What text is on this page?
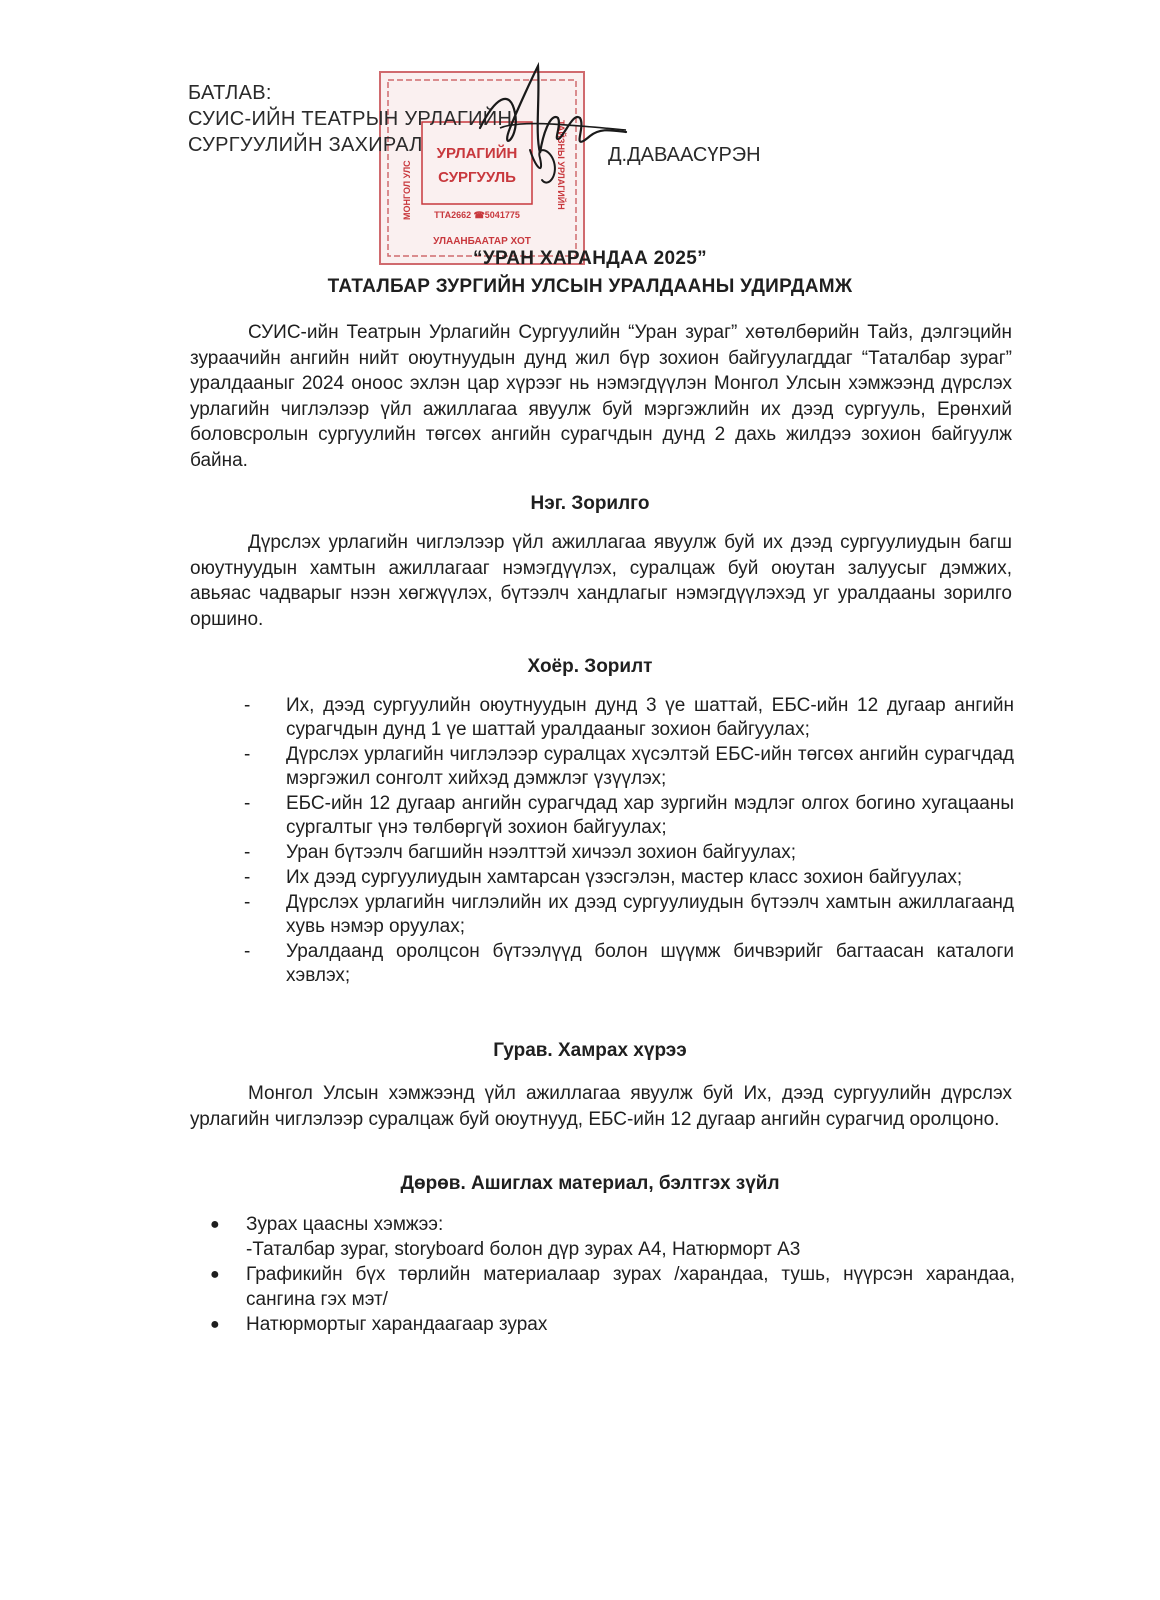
УРЛАГИЙН
СУРГУУЛЬ
ТТА2662 ☎5041775
УЛААНБААТАР ХОТ
МОНГОЛ УЛС	ТАЙЗНЫ УРЛАГИЙН
БАТЛАВ:
СУИС-ИЙН ТЕАТРЫН УРЛАГИЙН
СУРГУУЛИЙН ЗАХИРАЛ	Д.ДАВААСҮРЭН
“УРАН ХАРАНДАА 2025”
ТАТАЛБАР ЗУРГИЙН УЛСЫН УРАЛДААНЫ УДИРДАМЖ

СУИС-ийн Театрын Урлагийн Сургуулийн “Уран зураг” хөтөлбөрийн Тайз, дэлгэцийн зураачийн ангийн нийт оюутнуудын дунд жил бүр зохион байгуулагддаг “Таталбар зураг” уралдааныг 2024 оноос эхлэн цар хүрээг нь нэмэгдүүлэн Монгол Улсын хэмжээнд дүрслэх урлагийн чиглэлээр үйл ажиллагаа явуулж буй мэргэжлийн их дээд сургууль, Ерөнхий боловсролын сургуулийн төгсөх ангийн сурагчдын дунд 2 дахь жилдээ зохион байгуулж байна.

Нэг. Зорилго

Дүрслэх урлагийн чиглэлээр үйл ажиллагаа явуулж буй их дээд сургуулиудын багш оюутнуудын хамтын ажиллагааг нэмэгдүүлэх, суралцаж буй оюутан залуусыг дэмжих, авьяас чадварыг нээн хөгжүүлэх, бүтээлч хандлагыг нэмэгдүүлэхэд уг уралдааны зорилго оршино.

Хоёр. Зорилт
- Их, дээд сургуулийн оюутнуудын дунд 3 үе шаттай, ЕБС-ийн 12 дугаар ангийн сурагчдын дунд 1 үе шаттай уралдааныг зохион байгуулах;
- Дүрслэх урлагийн чиглэлээр суралцах хүсэлтэй ЕБС-ийн төгсөх ангийн сурагчдад мэргэжил сонголт хийхэд дэмжлэг үзүүлэх;
- ЕБС-ийн 12 дугаар ангийн сурагчдад хар зургийн мэдлэг олгох богино хугацааны сургалтыг үнэ төлбөргүй зохион байгуулах;
- Уран бүтээлч багшийн нээлттэй хичээл зохион байгуулах;
- Их дээд сургуулиудын хамтарсан үзэсгэлэн, мастер класс зохион байгуулах;
- Дүрслэх урлагийн чиглэлийн их дээд сургуулиудын бүтээлч хамтын ажиллагаанд хувь нэмэр оруулах;
- Уралдаанд оролцсон бүтээлүүд болон шүүмж бичвэрийг багтаасан каталоги хэвлэх;
Гурав. Хамрах хүрээ

Монгол Улсын хэмжээнд үйл ажиллагаа явуулж буй Их, дээд сургуулийн дүрслэх урлагийн чиглэлээр суралцаж буй оюутнууд, ЕБС-ийн 12 дугаар ангийн сурагчид оролцоно.

Дөрөв. Ашиглах материал, бэлтгэх зүйл
● Зурах цаасны хэмжээ:
-Таталбар зураг, storyboard болон дүр зурах А4, Натюрморт А3
● Графикийн бүх төрлийн материалаар зурах /харандаа, тушь, нүүрсэн харандаа, сангина гэх мэт/
● Натюрмортыг харандаагаар зурах
